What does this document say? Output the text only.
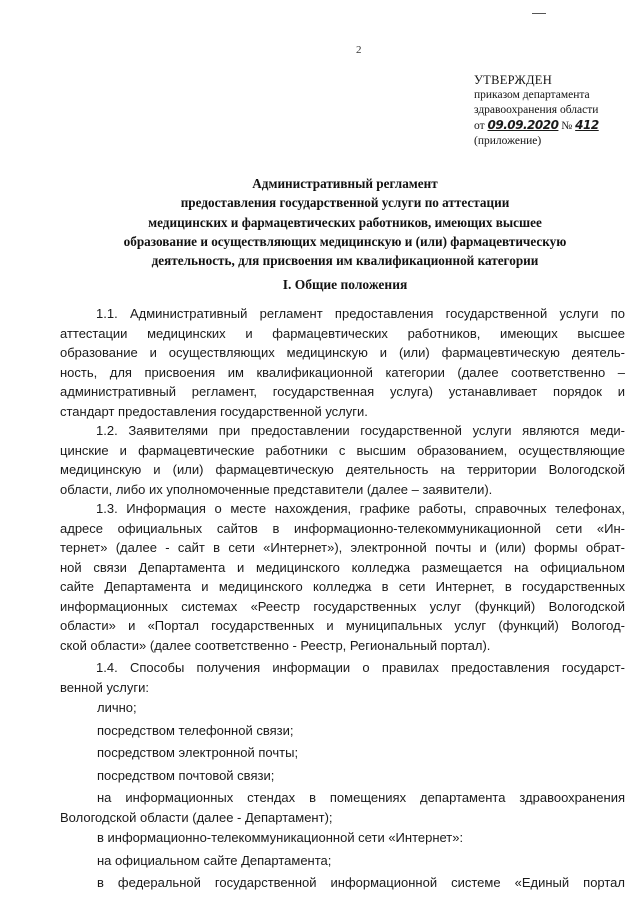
2
УТВЕРЖДЕН
приказом департамента
здравоохранения области
от 09.09.2020 № 412
(приложение)
Административный регламент
предоставления государственной услуги по аттестации
медицинских и фармацевтических работников, имеющих высшее
образование и осуществляющих медицинскую и (или) фармацевтическую
деятельность, для присвоения им квалификационной категории
I. Общие положения
1.1. Административный регламент предоставления государственной услуги по
аттестации медицинских и фармацевтических работников, имеющих высшее
образование и осуществляющих медицинскую и (или) фармацевтическую деятель-
ность, для присвоения им квалификационной категории (далее соответственно –
административный регламент, государственная услуга) устанавливает порядок и
стандарт предоставления государственной услуги.
1.2. Заявителями при предоставлении государственной услуги являются меди-
цинские и фармацевтические работники с высшим образованием, осуществляющие
медицинскую и (или) фармацевтическую деятельность на территории Вологодской
области, либо их уполномоченные представители (далее – заявители).
1.3. Информация о месте нахождения, графике работы, справочных телефонах,
адресе официальных сайтов в информационно-телекоммуникационной сети «Ин-
тернет» (далее - сайт в сети «Интернет»), электронной почты и (или) формы обрат-
ной связи Департамента и медицинского колледжа размещается на официальном
сайте Департамента и медицинского колледжа в сети Интернет, в государственных
информационных системах «Реестр государственных услуг (функций) Вологодской
области» и «Портал государственных и муниципальных услуг (функций) Вологод-
ской области» (далее соответственно - Реестр, Региональный портал).
1.4. Способы получения информации о правилах предоставления государст-
венной услуги:
лично;
посредством телефонной связи;
посредством электронной почты;
посредством почтовой связи;
на информационных стендах в помещениях департамента здравоохранения
Вологодской области (далее - Департамент);
в информационно-телекоммуникационной сети «Интернет»:
на официальном сайте Департамента;
в федеральной государственной информационной системе «Единый портал
